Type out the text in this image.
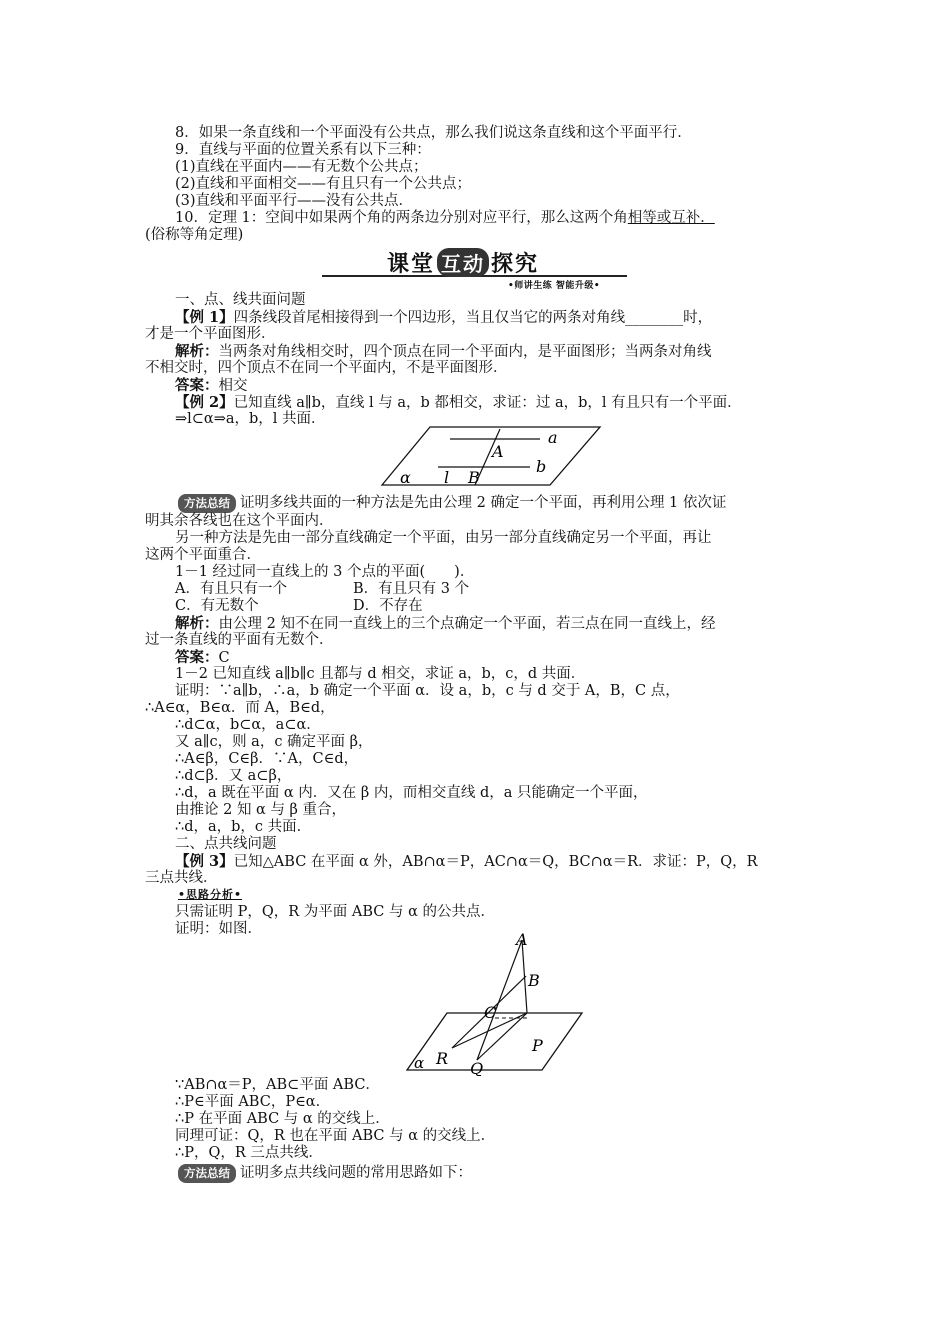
8．如果一条直线和一个平面没有公共点，那么我们说这条直线和这个平面平行．
9．直线与平面的位置关系有以下三种：
(1)直线在平面内——有无数个公共点；
(2)直线和平面相交——有且只有一个公共点；
(3)直线和平面平行——没有公共点．
10．定理 1：空间中如果两个角的两条边分别对应平行，那么这两个角相等或互补．
(俗称等角定理)
课堂 互动 探究
•师讲生练 智能升级•
一、点、线共面问题
【例 1】四条线段首尾相接得到一个四边形，当且仅当它的两条对角线________时，
才是一个平面图形．
解析：当两条对角线相交时，四个顶点在同一个平面内，是平面图形；当两条对角线
不相交时，四个顶点不在同一个平面内，不是平面图形．
答案：相交
【例 2】已知直线 a∥b，直线 l 与 a，b 都相交，求证：过 a，b，l 有且只有一个平面．
⇒l⊂α⇒a，b，l 共面．
a
b
A
B
l
α
方法总结 证明多线共面的一种方法是先由公理 2 确定一个平面，再利用公理 1 依次证
明其余各线也在这个平面内．
另一种方法是先由一部分直线确定一个平面，由另一部分直线确定另一个平面，再让
这两个平面重合．
1－1 经过同一直线上的 3 个点的平面(　　)．
A．有且只有一个	B．有且只有 3 个
C．有无数个	D．不存在
解析：由公理 2 知不在同一直线上的三个点确定一个平面，若三点在同一直线上，经
过一条直线的平面有无数个．
答案：C
1－2 已知直线 a∥b∥c 且都与 d 相交，求证 a，b，c，d 共面．
证明：∵a∥b，∴a，b 确定一个平面 α．设 a，b，c 与 d 交于 A，B，C 点，
∴A∈α，B∈α．而 A，B∈d，
∴d⊂α，b⊂α，a⊂α．
又 a∥c，则 a，c 确定平面 β，
∴A∈β，C∈β．∵A，C∈d，
∴d⊂β．又 a⊂β，
∴d，a 既在平面 α 内．又在 β 内，而相交直线 d，a 只能确定一个平面，
由推论 2 知 α 与 β 重合，
∴d，a，b，c 共面．
二、点共线问题
【例 3】已知△ABC 在平面 α 外，AB∩α＝P，AC∩α＝Q，BC∩α＝R．求证：P，Q，R
三点共线．
•思路分析•
只需证明 P，Q，R 为平面 ABC 与 α 的公共点．
证明：如图．
A
B
C
P
Q
R
α
∵AB∩α＝P，AB⊂平面 ABC．
∴P∈平面 ABC，P∈α．
∴P 在平面 ABC 与 α 的交线上．
同理可证：Q，R 也在平面 ABC 与 α 的交线上．
∴P，Q，R 三点共线．
方法总结 证明多点共线问题的常用思路如下：
